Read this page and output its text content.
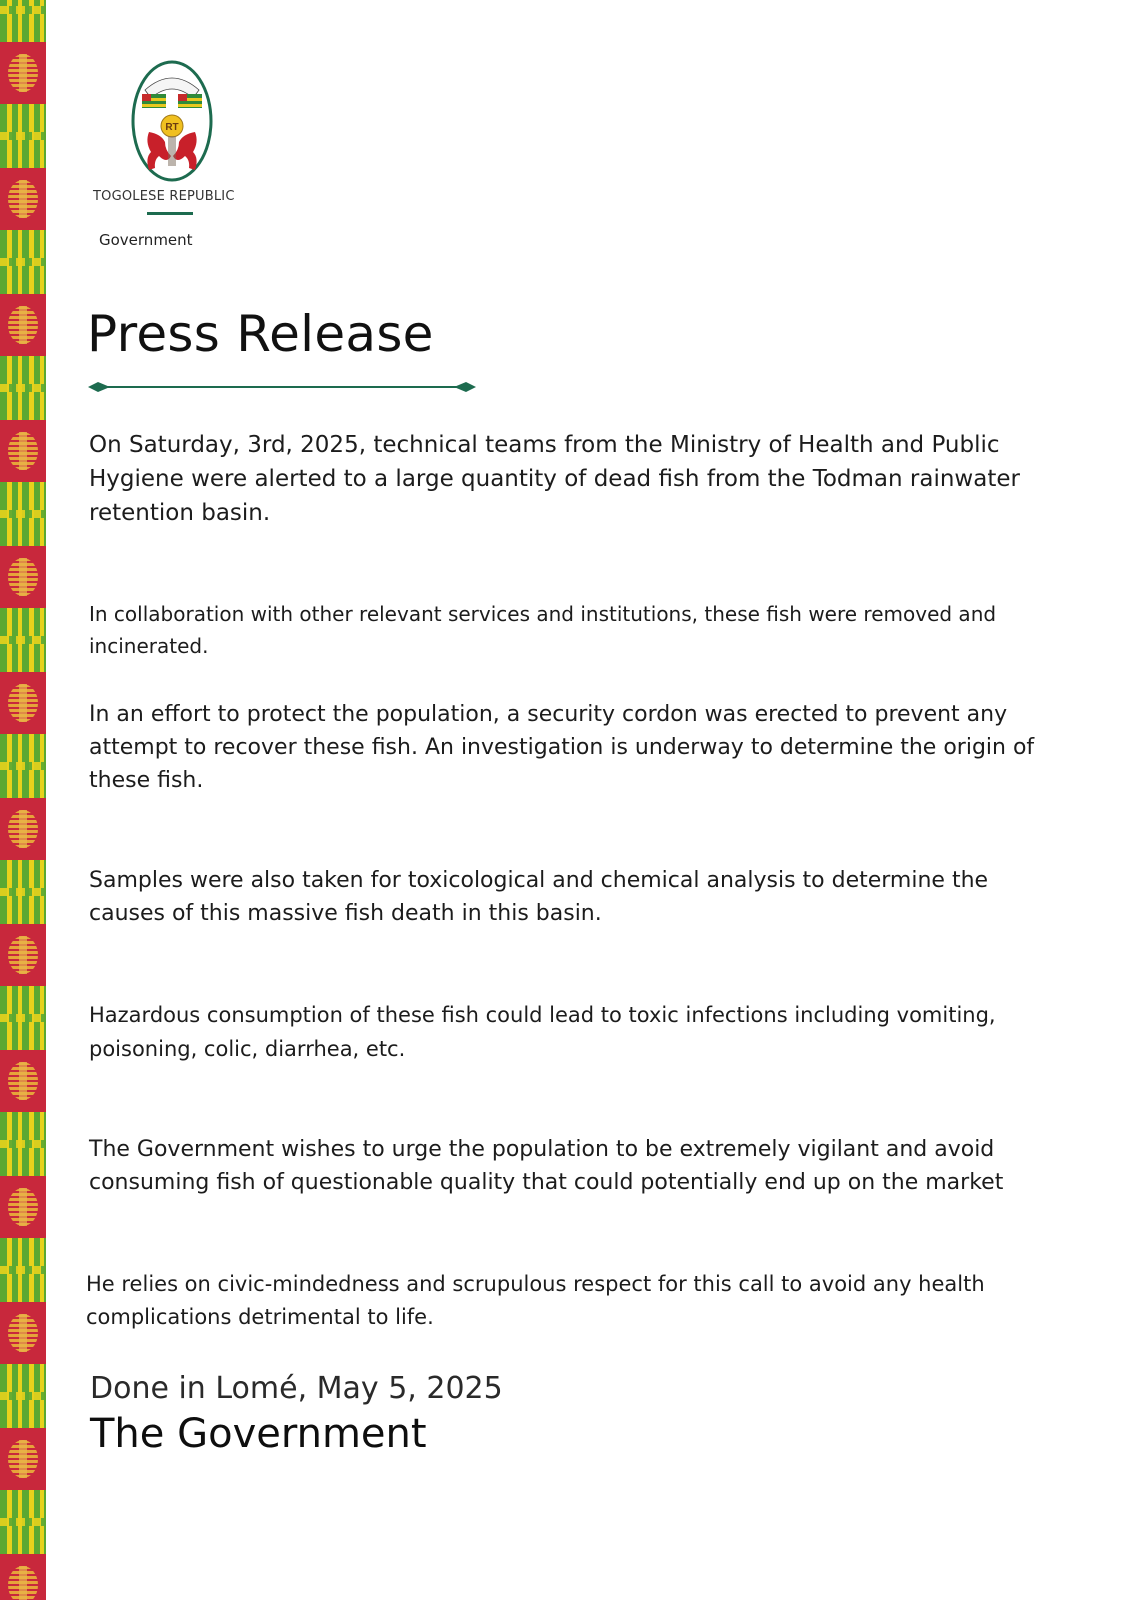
RT
TOGOLESE REPUBLIC
Government
Press Release

On Saturday, 3rd, 2025, technical teams from the Ministry of Health and Public Hygiene were alerted to a large quantity of dead fish from the Todman rainwater retention basin.

In collaboration with other relevant services and institutions, these fish were removed and incinerated.

In an effort to protect the population, a security cordon was erected to prevent any attempt to recover these fish. An investigation is underway to determine the origin of these fish.

Samples were also taken for toxicological and chemical analysis to determine the causes of this massive fish death in this basin.

Hazardous consumption of these fish could lead to toxic infections including vomiting, poisoning, colic, diarrhea, etc.

The Government wishes to urge the population to be extremely vigilant and avoid consuming fish of questionable quality that could potentially end up on the market

He relies on civic-mindedness and scrupulous respect for this call to avoid any health complications detrimental to life.

Done in Lomé, May 5, 2025
The Government
